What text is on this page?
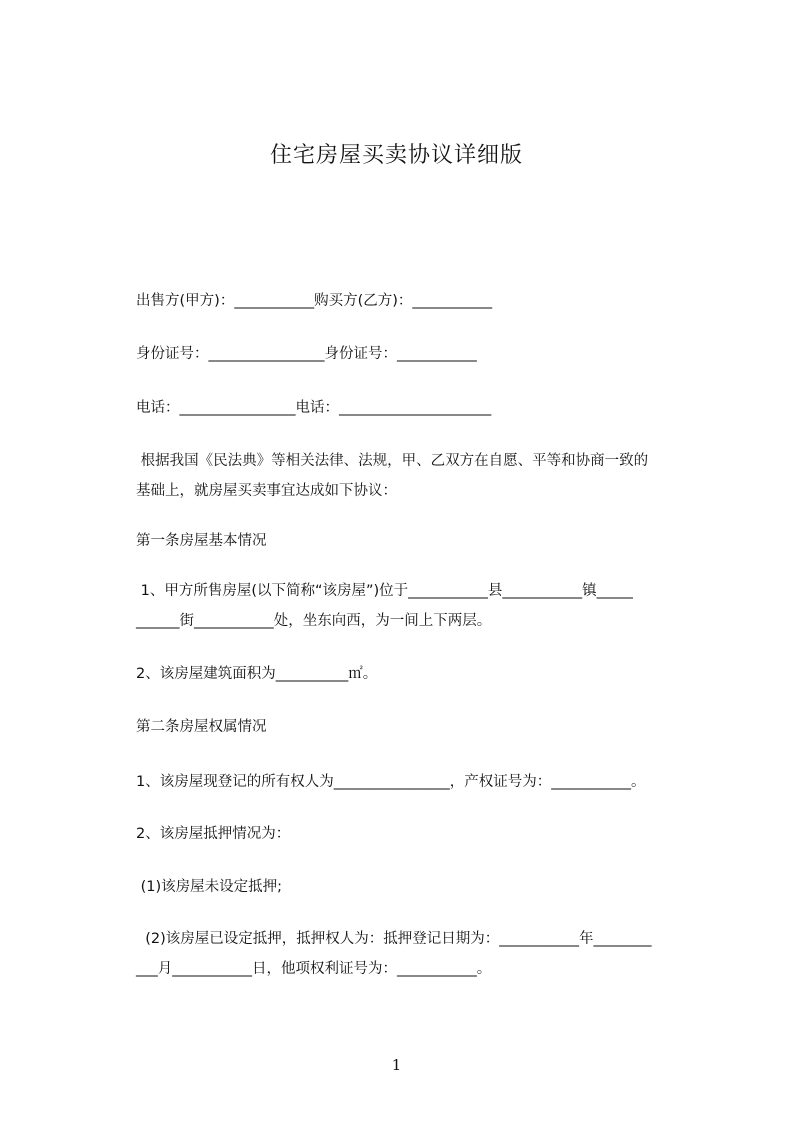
住宅房屋买卖协议详细版
出售方(甲方)：___________购买方(乙方)：___________
身份证号：________________身份证号：___________
电话：________________电话：_____________________
根据我国《民法典》等相关法律、法规，甲、乙双方在自愿、平等和协商一致的
基础上，就房屋买卖事宜达成如下协议：
第一条房屋基本情况
1、甲方所售房屋(以下简称“该房屋”)位于___________县___________镇_____
______街___________处，坐东向西，为一间上下两层。
2、该房屋建筑面积为__________㎡。
第二条房屋权属情况
1、该房屋现登记的所有权人为________________，产权证号为：___________。
2、该房屋抵押情况为：
(1)该房屋未设定抵押;
(2)该房屋已设定抵押，抵押权人为：抵押登记日期为：___________年________
___月___________日，他项权利证号为：___________。
1
